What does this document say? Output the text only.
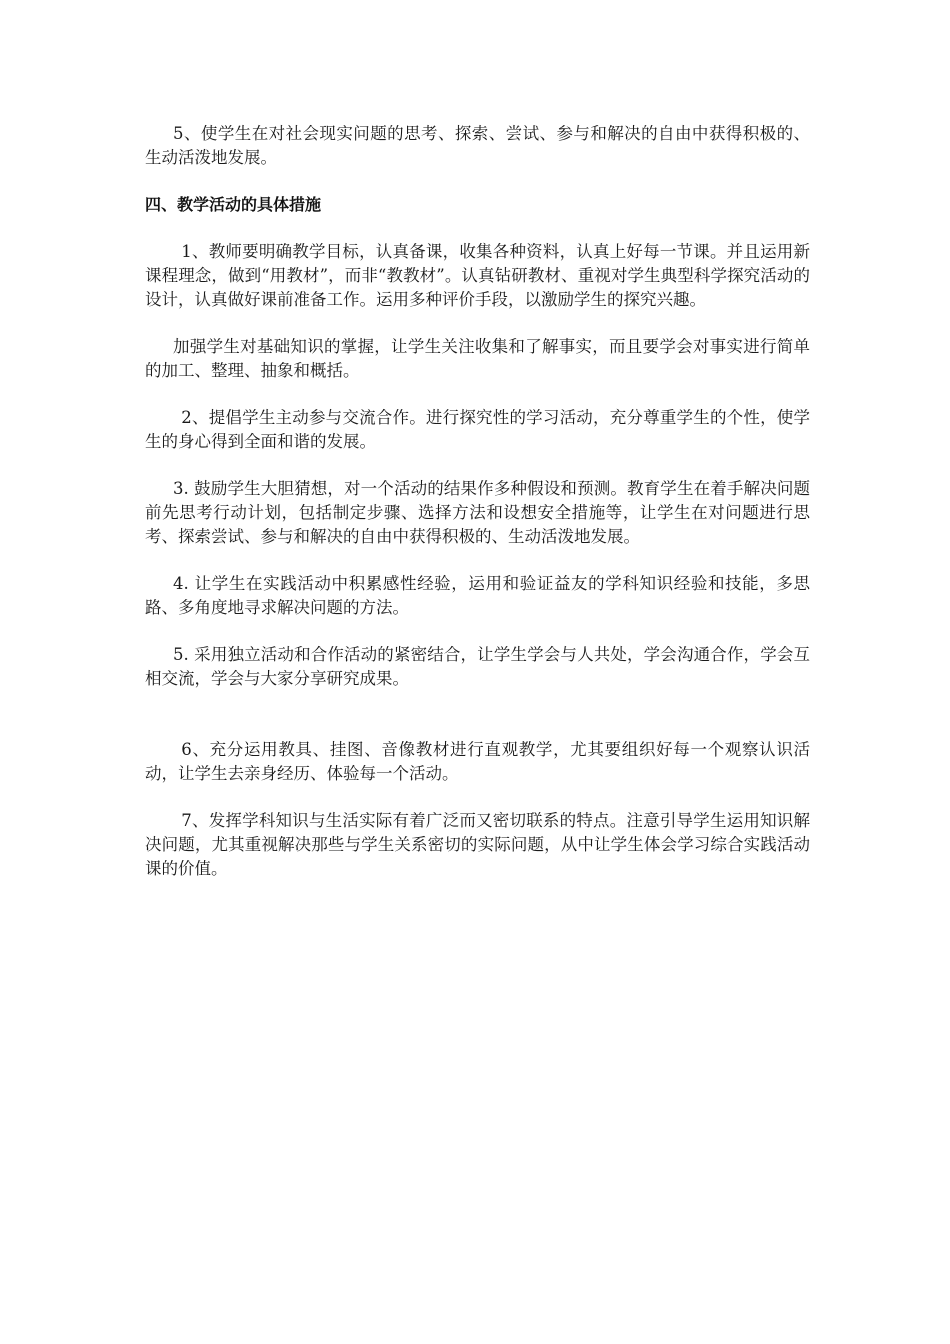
5、使学生在对社会现实问题的思考、探索、尝试、参与和解决的自由中获得积极的、生动活泼地发展。

四、教学活动的具体措施

1、教师要明确教学目标，认真备课，收集各种资料，认真上好每一节课。并且运用新课程理念，做到“用教材”，而非“教教材”。认真钻研教材、重视对学生典型科学探究活动的设计，认真做好课前准备工作。运用多种评价手段，以激励学生的探究兴趣。

加强学生对基础知识的掌握，让学生关注收集和了解事实，而且要学会对事实进行简单的加工、整理、抽象和概括。

2、提倡学生主动参与交流合作。进行探究性的学习活动，充分尊重学生的个性，使学生的身心得到全面和谐的发展。

3. 鼓励学生大胆猜想，对一个活动的结果作多种假设和预测。教育学生在着手解决问题前先思考行动计划，包括制定步骤、选择方法和设想安全措施等，让学生在对问题进行思考、探索尝试、参与和解决的自由中获得积极的、生动活泼地发展。

4. 让学生在实践活动中积累感性经验，运用和验证益友的学科知识经验和技能，多思路、多角度地寻求解决问题的方法。

5. 采用独立活动和合作活动的紧密结合，让学生学会与人共处，学会沟通合作，学会互相交流，学会与大家分享研究成果。

6、充分运用教具、挂图、音像教材进行直观教学，尤其要组织好每一个观察认识活动，让学生去亲身经历、体验每一个活动。

7、发挥学科知识与生活实际有着广泛而又密切联系的特点。注意引导学生运用知识解决问题，尤其重视解决那些与学生关系密切的实际问题，从中让学生体会学习综合实践活动课的价值。
